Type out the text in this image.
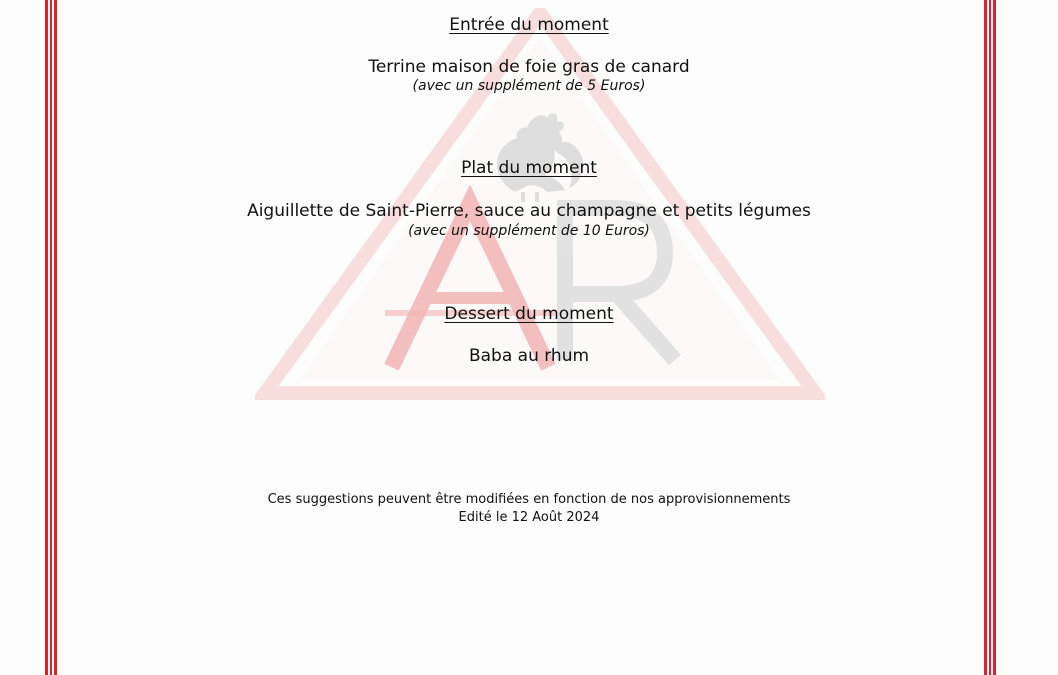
Entrée du moment
Terrine maison de foie gras de canard
(avec un supplément de 5 Euros)
Plat du moment
Aiguillette de Saint-Pierre, sauce au champagne et petits légumes
(avec un supplément de 10 Euros)
Dessert du moment
Baba au rhum
Ces suggestions peuvent être modifiées en fonction de nos approvisionnements
Edité le 12 Août 2024
